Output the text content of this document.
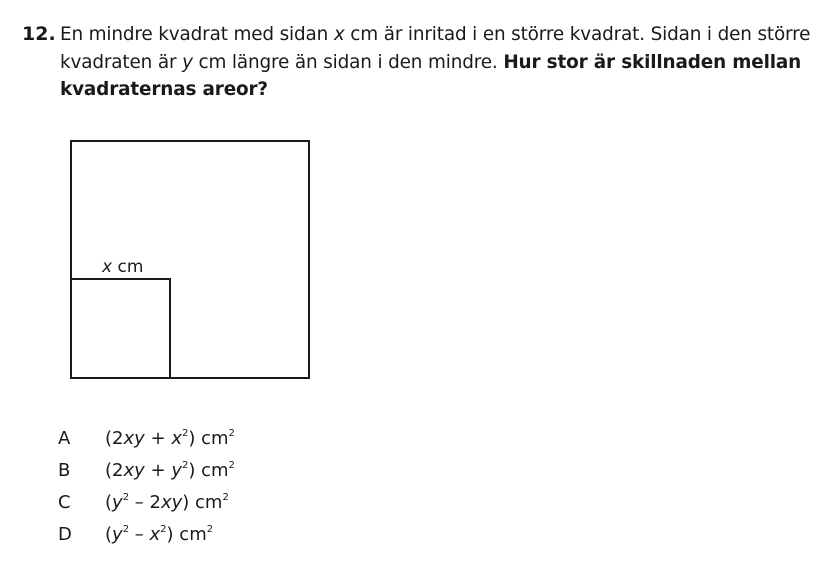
12. En mindre kvadrat med sidan x cm är inritad i en större kvadrat. Sidan i den större
kvadraten är y cm längre än sidan i den mindre. Hur stor är skillnaden mellan
kvadraternas areor?
x cm
A	$(2xy + x^2)$ $cm^2$
B	$(2xy + y^2)$ $cm^2$
C	$(y^2 - 2xy)$ $cm^2$
D	$(y^2 - x^2)$ $cm^2$
